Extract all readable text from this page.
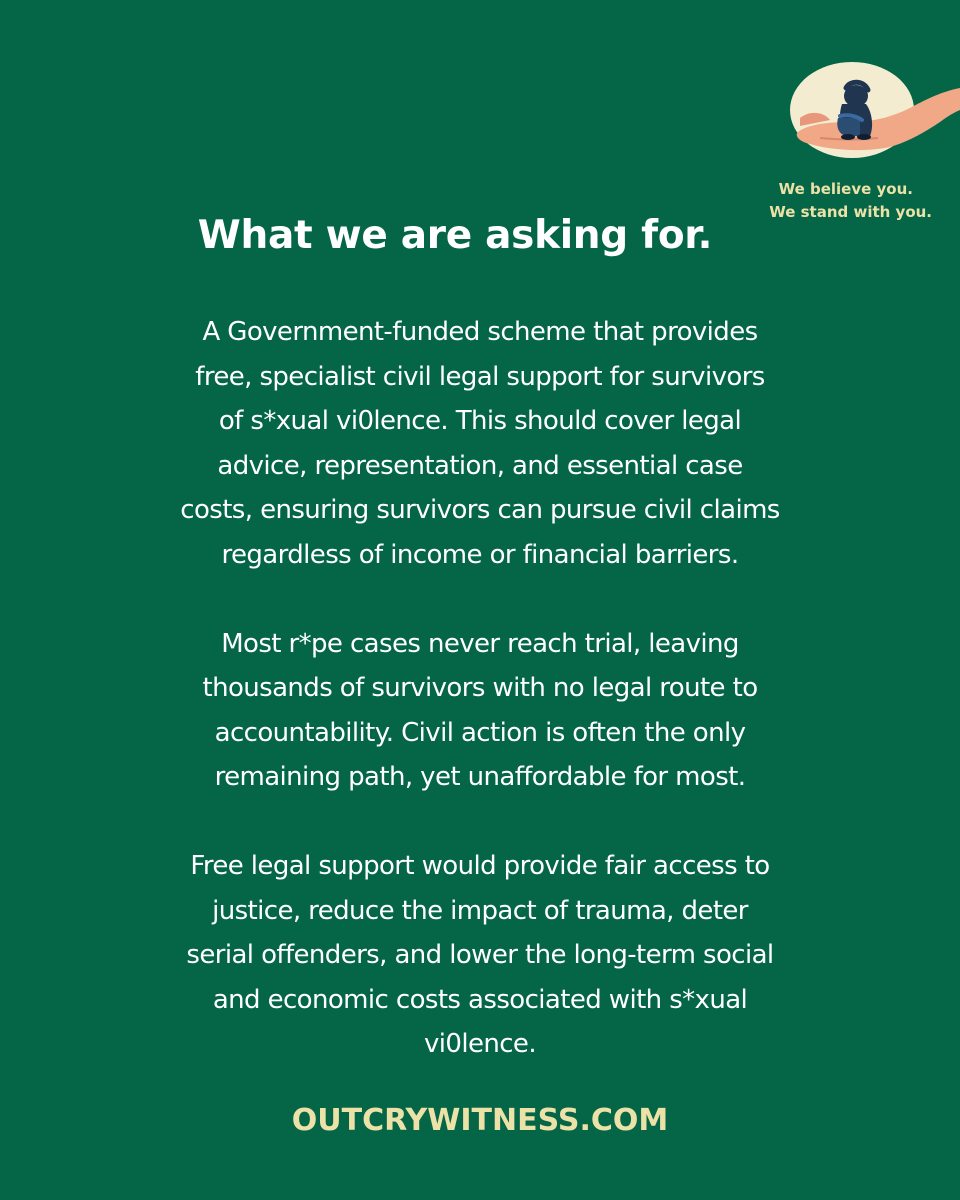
We believe you.
We stand with you.
What we are asking for.

A Government-funded scheme that provides
free, specialist civil legal support for survivors
of s*xual vi0lence. This should cover legal
advice, representation, and essential case
costs, ensuring survivors can pursue civil claims
regardless of income or financial barriers.

Most r*pe cases never reach trial, leaving
thousands of survivors with no legal route to
accountability. Civil action is often the only
remaining path, yet unaffordable for most.

Free legal support would provide fair access to
justice, reduce the impact of trauma, deter
serial offenders, and lower the long-term social
and economic costs associated with s*xual
vi0lence.

OUTCRYWITNESS.COM
